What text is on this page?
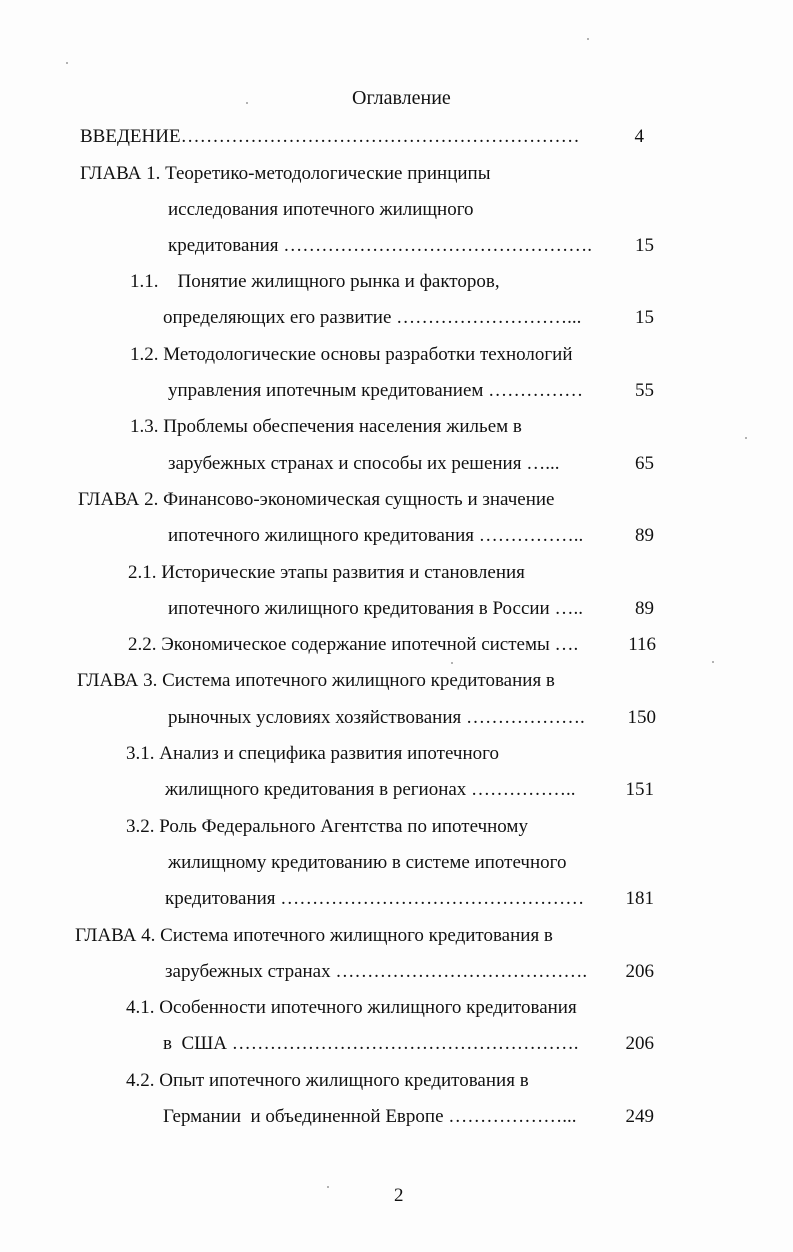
Оглавление
ВВЕДЕНИЕ………………………………………………………	4
ГЛАВА 1. Теоретико-методологические принципы
исследования ипотечного жилищного
кредитования ………………………………………….	15
1.1.    Понятие жилищного рынка и факторов,
определяющих его развитие ………………………...	15
1.2. Методологические основы разработки технологий
управления ипотечным кредитованием ……………	55
1.3. Проблемы обеспечения населения жильем в
зарубежных странах и способы их решения …...	65
ГЛАВА 2. Финансово-экономическая сущность и значение
ипотечного жилищного кредитования ……………..	89
2.1. Исторические этапы развития и становления
ипотечного жилищного кредитования в России …..	89
2.2. Экономическое содержание ипотечной системы ….	116
ГЛАВА 3. Система ипотечного жилищного кредитования в
рыночных условиях хозяйствования ……………….	150
3.1. Анализ и специфика развития ипотечного
жилищного кредитования в регионах ……………..	151
3.2. Роль Федерального Агентства по ипотечному
жилищному кредитованию в системе ипотечного
кредитования …………………………………………	181
ГЛАВА 4. Система ипотечного жилищного кредитования в
зарубежных странах ………………………………….	206
4.1. Особенности ипотечного жилищного кредитования
в  США ……………………………………………….	206
4.2. Опыт ипотечного жилищного кредитования в
Германии  и объединенной Европе ………………...	249
2
